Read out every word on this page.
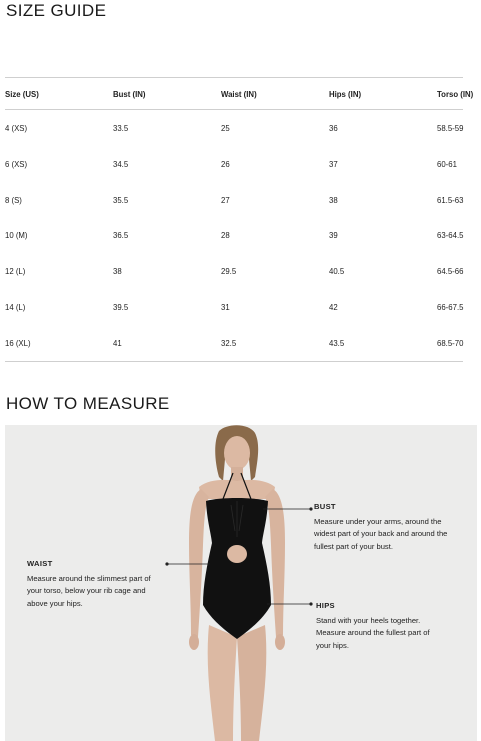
SIZE GUIDE
Size (US)	Bust (IN)	Waist (IN)	Hips (IN)	Torso (IN)
4 (XS)	33.5	25	36	58.5-59
6 (XS)	34.5	26	37	60-61
8 (S)	35.5	27	38	61.5-63
10 (M)	36.5	28	39	63-64.5
12 (L)	38	29.5	40.5	64.5-66
14 (L)	39.5	31	42	66-67.5
16 (XL)	41	32.5	43.5	68.5-70
HOW TO MEASURE
BUST
Measure under your arms, around the
widest part of your back and around the
fullest part of your bust.
WAIST
Measure around the slimmest part of
your torso, below your rib cage and
above your hips.	HIPS
Stand with your heels together.
Measure around the fullest part of
your hips.
